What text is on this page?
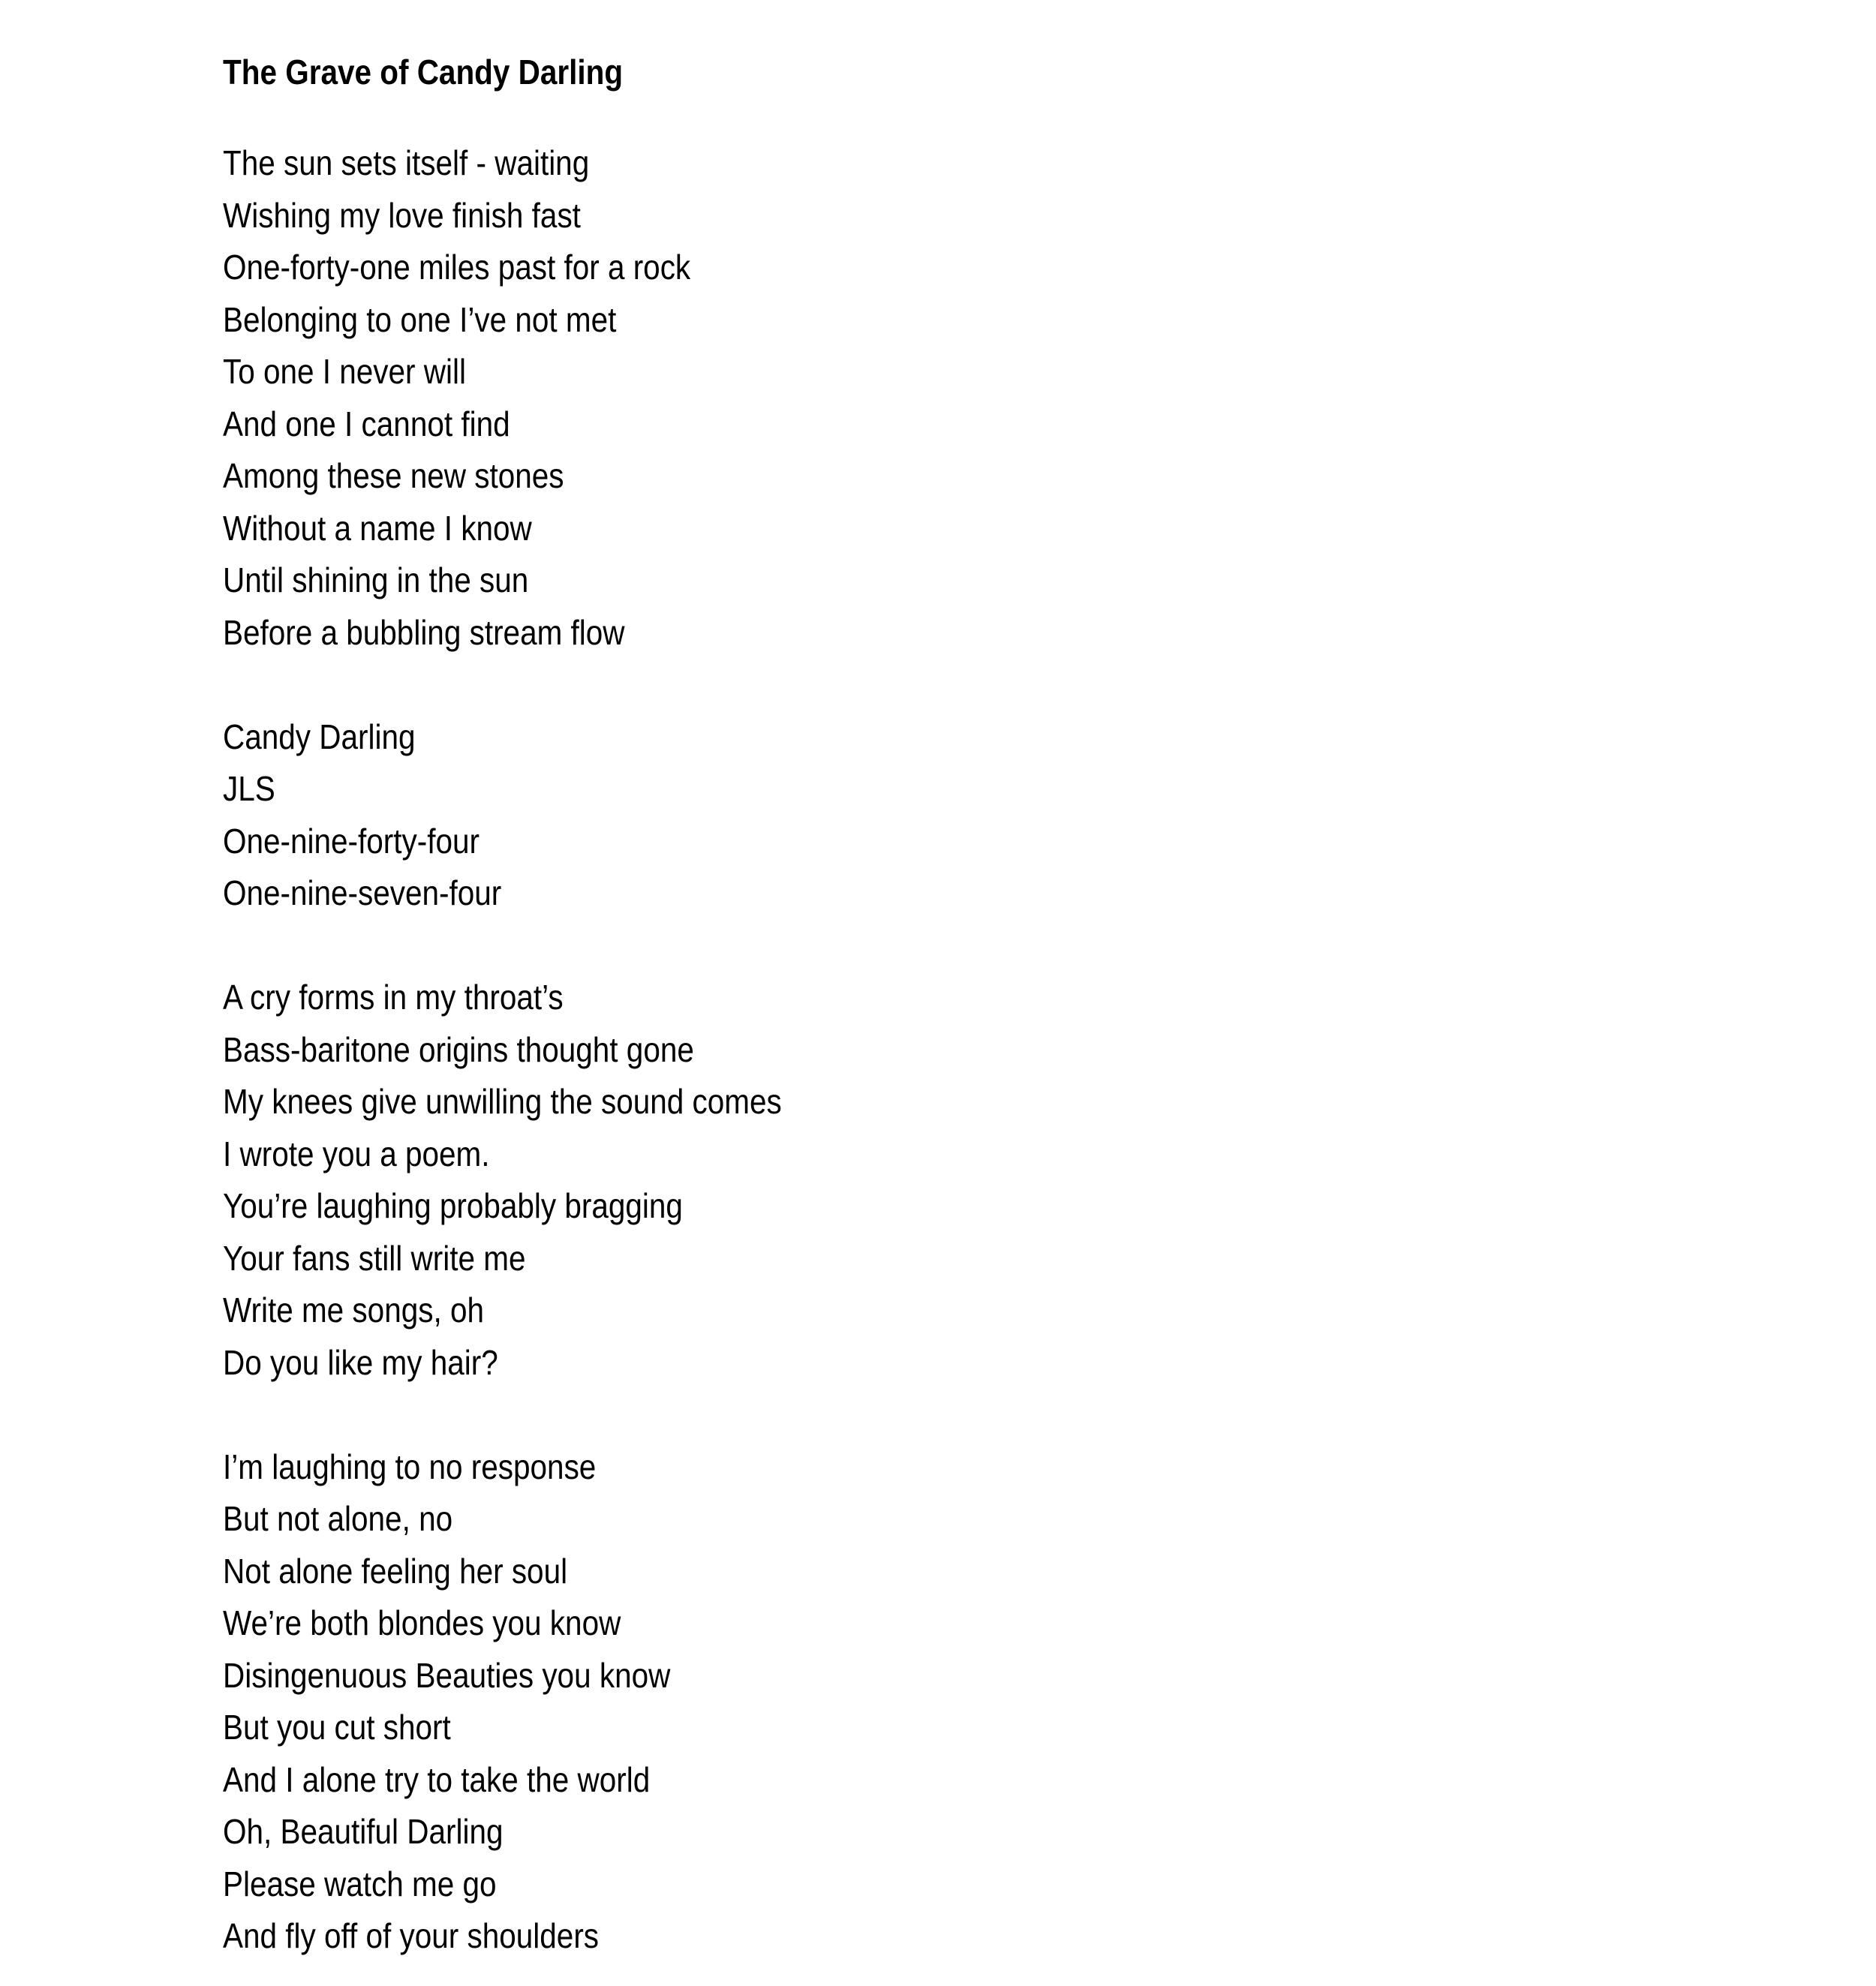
The Grave of Candy Darling
The sun sets itself - waiting
Wishing my love finish fast
One-forty-one miles past for a rock
Belonging to one I’ve not met
To one I never will
And one I cannot find
Among these new stones
Without a name I know
Until shining in the sun
Before a bubbling stream flow
Candy Darling
JLS
One-nine-forty-four
One-nine-seven-four
A cry forms in my throat’s
Bass-baritone origins thought gone
My knees give unwilling the sound comes
I wrote you a poem.
You’re laughing probably bragging
Your fans still write me
Write me songs, oh
Do you like my hair?
I’m laughing to no response
But not alone, no
Not alone feeling her soul
We’re both blondes you know
Disingenuous Beauties you know
But you cut short
And I alone try to take the world
Oh, Beautiful Darling
Please watch me go
And fly off of your shoulders
